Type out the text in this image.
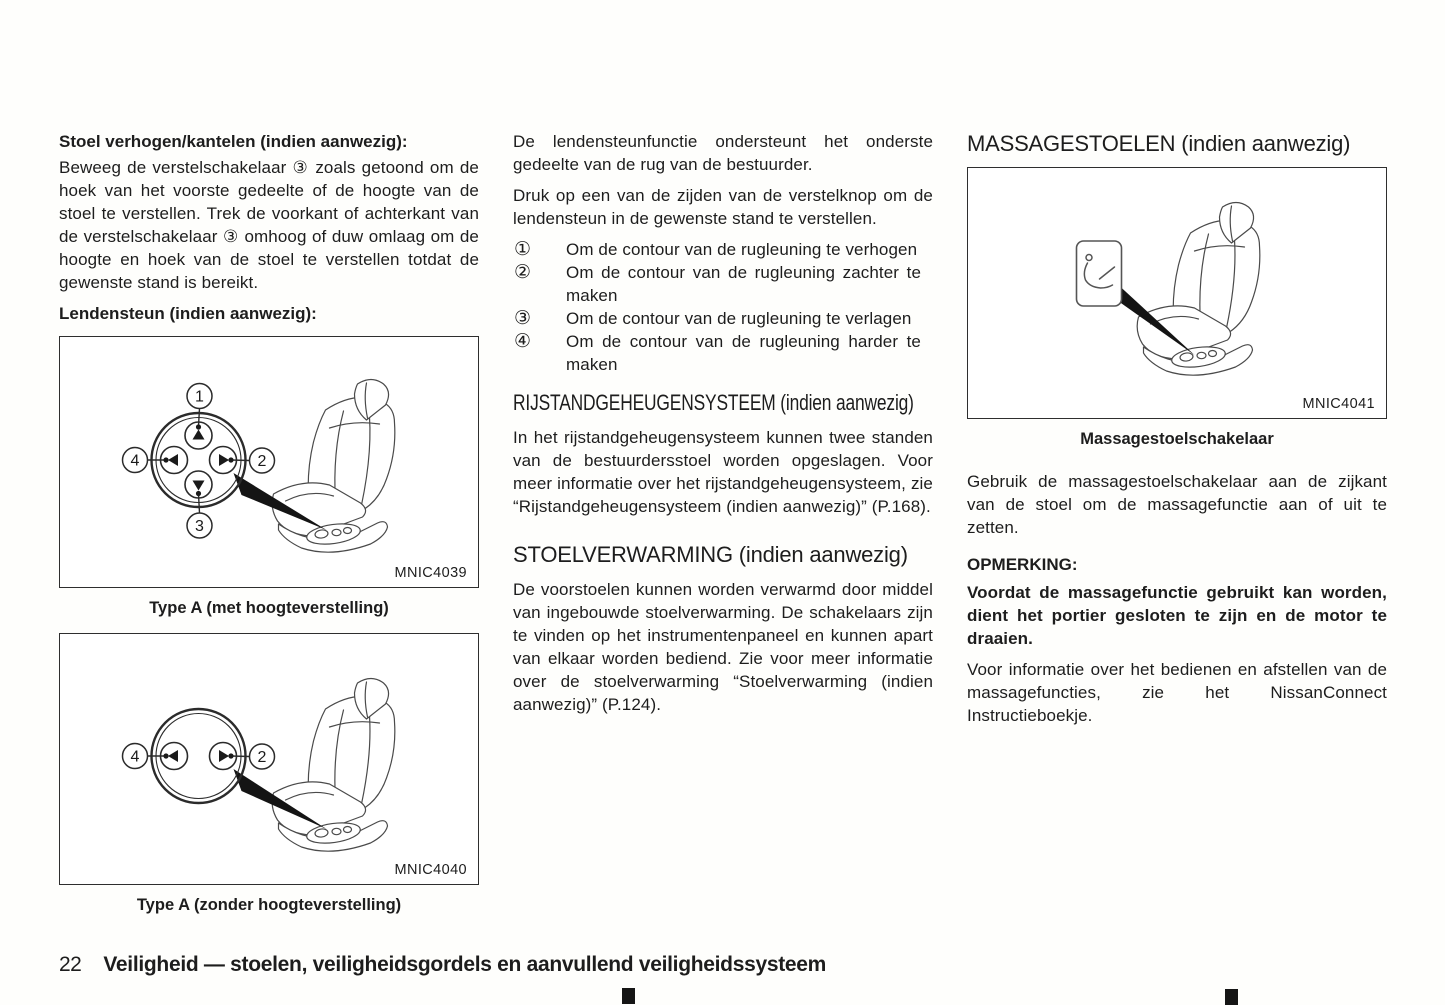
Stoel verhogen/kantelen (indien aanwezig):

Beweeg de verstelschakelaar ③ zoals getoond om de hoek van het voorste gedeelte of de hoogte van de stoel te verstellen. Trek de voorkant of achterkant van de verstelschakelaar ③ omhoog of duw omlaag om de hoogte en hoek van de stoel te verstellen totdat de gewenste stand is bereikt.

Lendensteun (indien aanwezig):
1
2
3
4
MNIC4039

Type A (met hoogteverstelling)

4	2
MNIC4040

Type A (zonder hoogteverstelling)

De lendensteunfunctie ondersteunt het onderste gedeelte van de rug van de bestuurder.

Druk op een van de zijden van de verstelknop om de lendensteun in de gewenste stand te verstellen.

①	Om de contour van de rugleuning te verhogen
②	Om de contour van de rugleuning zachter te maken
③	Om de contour van de rugleuning te verlagen
④	Om de contour van de rugleuning harder te maken
RIJSTANDGEHEUGENSYSTEEM (indien aanwezig)

In het rijstandgeheugensysteem kunnen twee standen van de bestuurdersstoel worden opgeslagen. Voor meer informatie over het rijstandgeheugensysteem, zie “Rijstandgeheugensysteem (indien aanwezig)” (P.168).

STOELVERWARMING (indien aanwezig)

De voorstoelen kunnen worden verwarmd door middel van ingebouwde stoelverwarming. De schakelaars zijn te vinden op het instrumentenpaneel en kunnen apart van elkaar worden bediend. Zie voor meer informatie over de stoelverwarming “Stoelverwarming (indien aanwezig)” (P.124).

MASSAGESTOELEN (indien aanwezig)
MNIC4041

Massagestoelschakelaar

Gebruik de massagestoelschakelaar aan de zijkant van de stoel om de massagefunctie aan of uit te zetten.

OPMERKING:

Voordat de massagefunctie gebruikt kan worden, dient het portier gesloten te zijn en de motor te draaien.

Voor informatie over het bedienen en afstellen van de massagefuncties, zie het NissanConnect Instructieboekje.

22 Veiligheid — stoelen, veiligheidsgordels en aanvullend veiligheidssysteem
